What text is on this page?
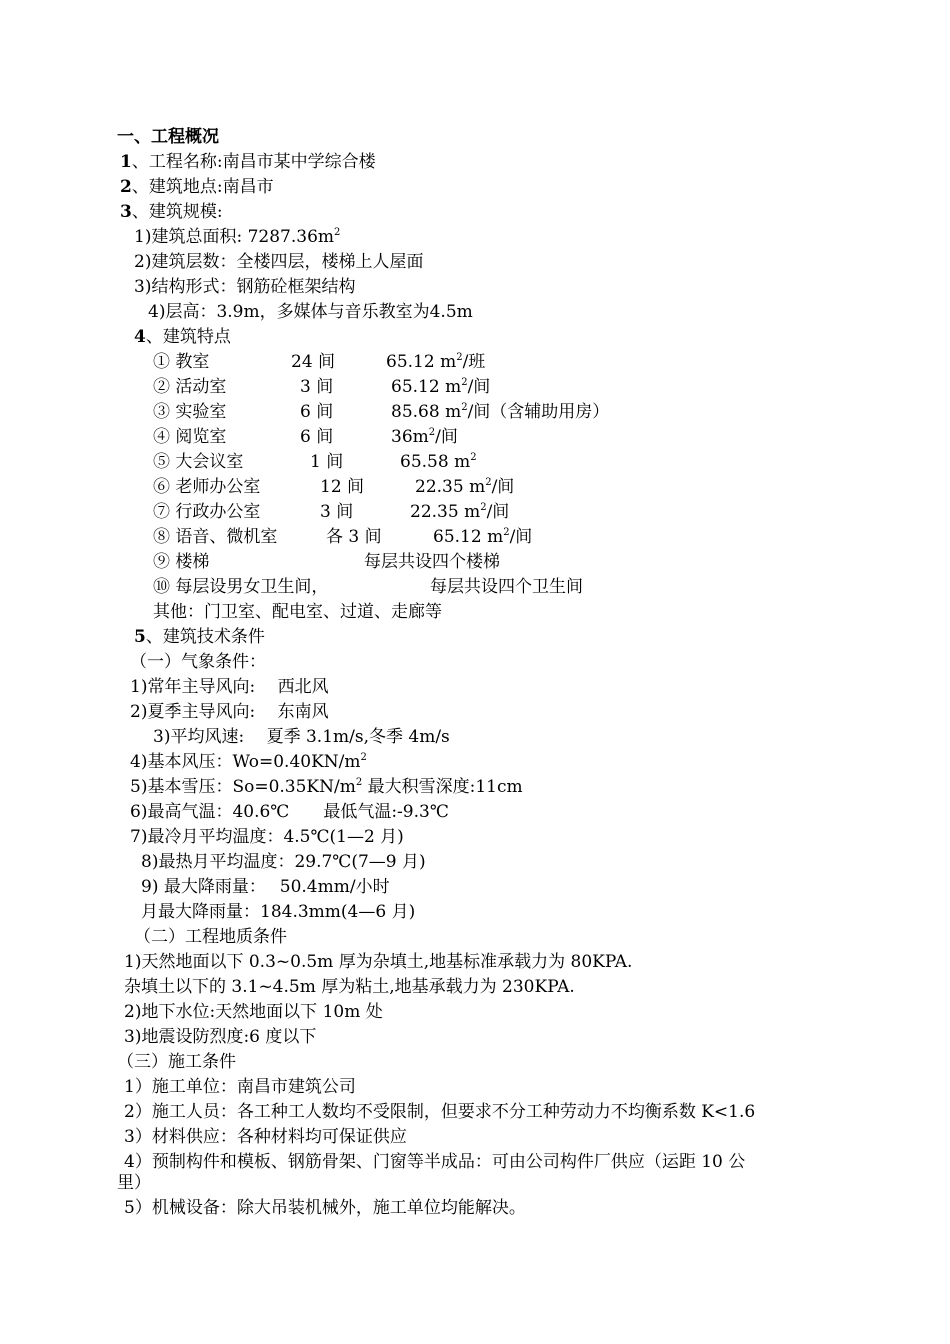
一、工程概况
1、工程名称:南昌市某中学综合楼
2、建筑地点:南昌市
3、建筑规模:
1)建筑总面积: $7287.36m^2$
2)建筑层数：全楼四层，楼梯上人屋面
3)结构形式：钢筋砼框架结构
4)层高：3.9m，多媒体与音乐教室为4.5m
4、建筑特点
① 教室	24 间	65.12 $m^2/$班
② 活动室	3 间	65.12 $m^2/$间
③ 实验室	6 间	85.68 $m^2/$间（含辅助用房）
④ 阅览室	6 间	$36m^2/$间
⑤ 大会议室	1 间	65.58 $m^2$
⑥ 老师办公室	12 间	22.35 $m^2/$间
⑦ 行政办公室	3 间	22.35 $m^2/$间
⑧ 语音、微机室	各 3 间	65.12 $m^2/$间
⑨ 楼梯	每层共设四个楼梯
⑩ 每层设男女卫生间，	每层共设四个卫生间
其他：门卫室、配电室、过道、走廊等
5、建筑技术条件
（一）气象条件：
1)常年主导风向:　 西北风
2)夏季主导风向:　 东南风
3)平均风速:　 夏季 3.1m/s,冬季 4m/s
4)基本风压：$Wo=0.40KN/m^2$
5)基本雪压：$So=0.35KN/m^2$ 最大积雪深度:11cm
6)最高气温：40.6℃　　最低气温:-9.3℃
7)最冷月平均温度：4.5℃(1—2 月)
8)最热月平均温度：29.7℃(7—9 月)
9) 最大降雨量：　 50.4mm/小时
月最大降雨量：184.3mm(4—6 月)
（二）工程地质条件
1)天然地面以下 0.3~0.5m 厚为杂填土,地基标准承载力为 80KPA.
杂填土以下的 3.1~4.5m 厚为粘土,地基承载力为 230KPA.
2)地下水位:天然地面以下 10m 处
3)地震设防烈度:6 度以下
（三）施工条件
1）施工单位：南昌市建筑公司
2）施工人员：各工种工人数均不受限制，但要求不分工种劳动力不均衡系数 K<1.6
3）材料供应：各种材料均可保证供应
4）预制构件和模板、钢筋骨架、门窗等半成品：可由公司构件厂供应（运距 10 公
里）
5）机械设备：除大吊装机械外，施工单位均能解决。
